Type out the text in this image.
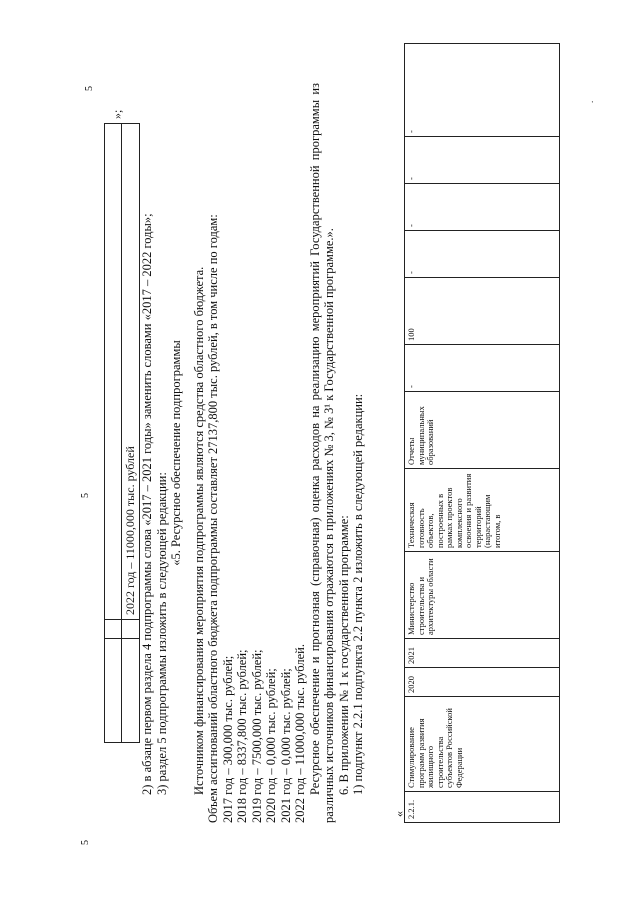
5
5
5
.

		2022 год – 11000,000 тыс. рублей
»;

2) в абзаце первом раздела 4 подпрограммы слова «2017 – 2021 годы» заменить словами «2017 – 2022 годы»; 3) раздел 5 подпрограммы изложить в следующей редакции:

«5. Ресурсное обеспечение подпрограммы Источником финансирования мероприятия подпрограммы являются средства областного бюджета. Объем ассигнований областного бюджета подпрограммы составляет 27137,800 тыс. рублей, в том числе по годам: 2017 год – 300,000 тыс. рублей; 2018 год – 8337,800 тыс. рублей; 2019 год – 7500,000 тыс. рублей; 2020 год – 0,000 тыс. рублей; 2021 год – 0,000 тыс. рублей; 2022 год – 11000,000 тыс. рублей. Ресурсное обеспечение и прогнозная (справочная) оценка расходов на реализацию мероприятий Государственной программы из различных источников финансирования отражаются в приложениях № 3, № 3¹ к Государственной программе.». 6. В приложении № 1 к государственной программе: 1) подпункт 2.2.1 подпункта 2.2 пункта 2 изложить в следующей редакции:

« 2.2.1.	Стимулирование программ развития жилищного строительства субъектов Российской Федерации	2020	2021	Министерство строительства и архитектуры области	Техническая готовность объектов, построенных в рамках проектов комплексного освоения и развития территорий (нарастающим итогом, в	Отчеты муниципальных образований	-	100	-	-	-	-
